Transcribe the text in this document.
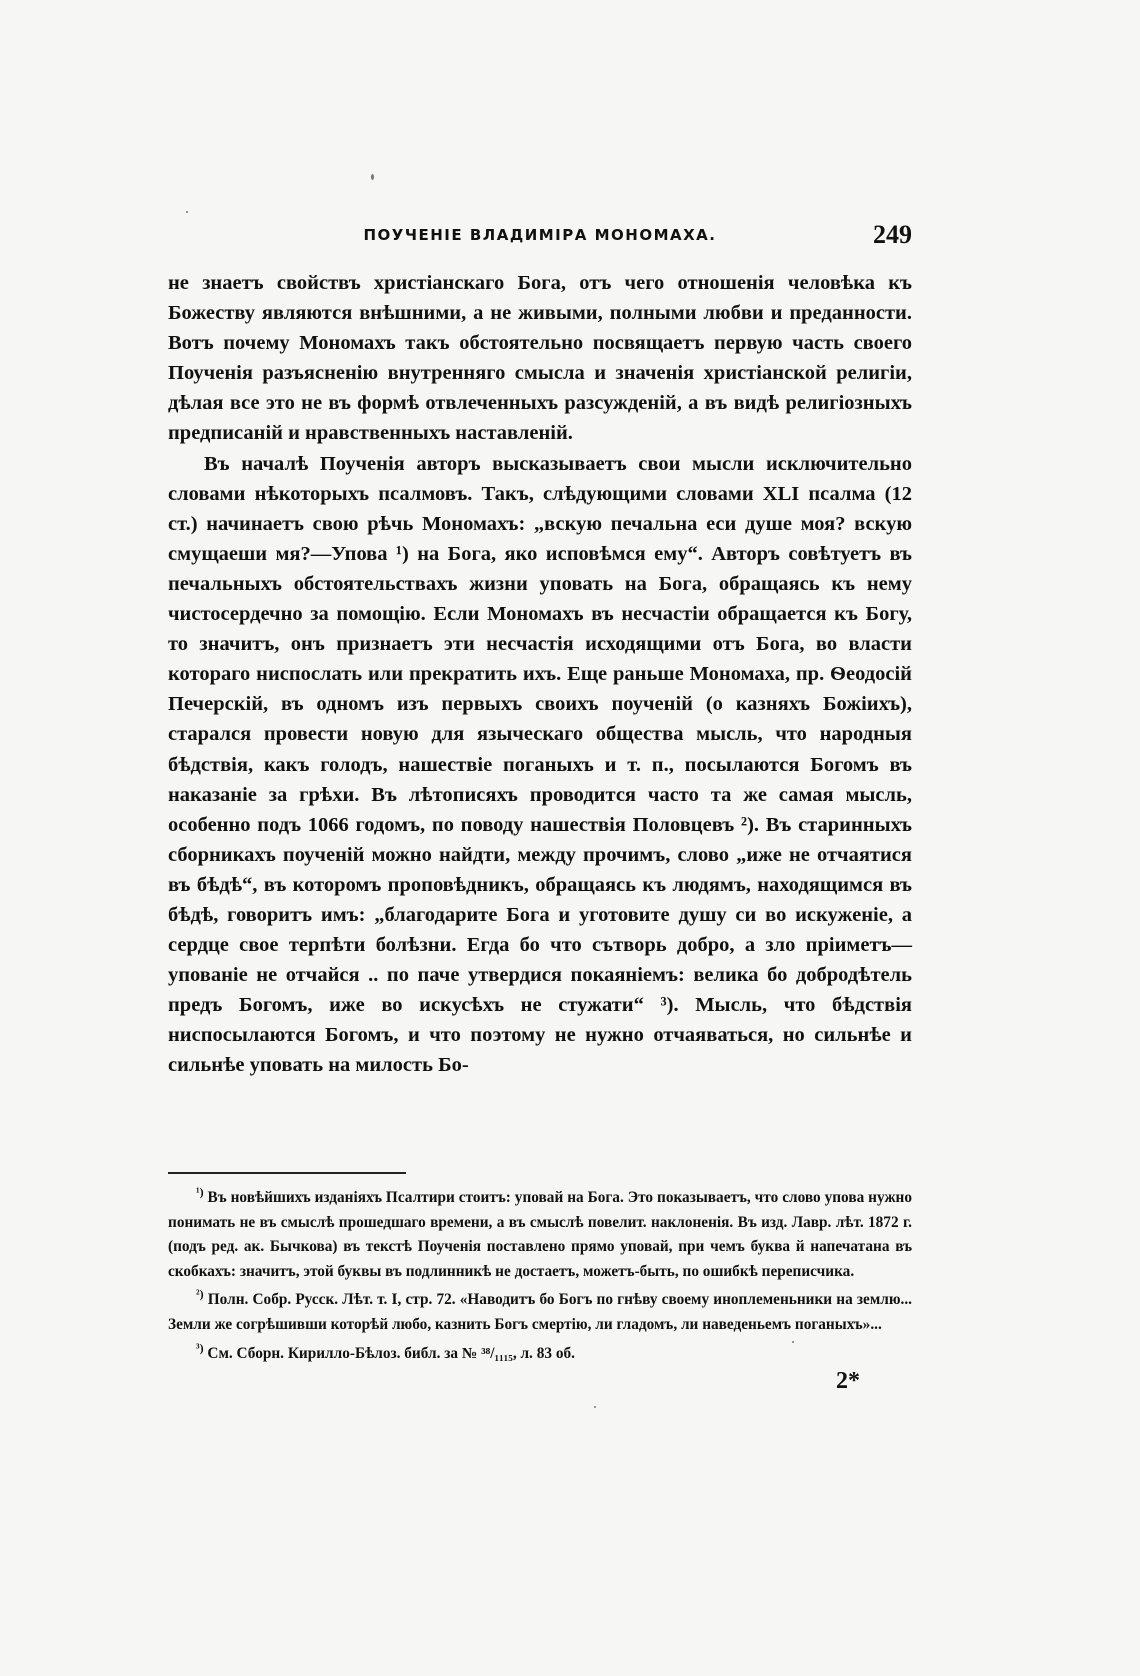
ПОУЧЕНІЕ ВЛАДИМІРА МОНОМАХА.	249

не знаетъ свойствъ христіанскаго Бога, отъ чего отношенія человѣка къ Божеству являются внѣшними, а не живыми, полными любви и преданности. Вотъ почему Мономахъ такъ обстоятельно посвящаетъ первую часть своего Поученія разъясненію внутренняго смысла и значенія христіанской религіи, дѣлая все это не въ формѣ отвлеченныхъ разсужденій, а въ видѣ религіозныхъ предписаній и нравственныхъ наставленій.

Въ началѣ Поученія авторъ высказываетъ свои мысли исключительно словами нѣкоторыхъ псалмовъ. Такъ, слѣдующими словами XLI псалма (12 ст.) начинаетъ свою рѣчь Мономахъ: „вскую печальна еси душе моя? вскую смущаеши мя?—Упова ¹) на Бога, яко исповѣмся ему“. Авторъ совѣтуетъ въ печальныхъ обстоятельствахъ жизни уповать на Бога, обращаясь къ нему чистосердечно за помощію. Если Мономахъ въ несчастіи обращается къ Богу, то значитъ, онъ признаетъ эти несчастія исходящими отъ Бога, во власти котораго ниспослать или прекратить ихъ. Еще раньше Мономаха, пр. Ѳеодосій Печерскій, въ одномъ изъ первыхъ своихъ поученій (о казняхъ Божіихъ), старался провести новую для языческаго общества мысль, что народныя бѣдствія, какъ голодъ, нашествіе поганыхъ и т. п., посылаются Богомъ въ наказаніе за грѣхи. Въ лѣтописяхъ проводится часто та же самая мысль, особенно подъ 1066 годомъ, по поводу нашествія Половцевъ ²). Въ старинныхъ сборникахъ поученій можно найдти, между прочимъ, слово „иже не отчаятися въ бѣдѣ“, въ которомъ проповѣдникъ, обращаясь къ людямъ, находящимся въ бѣдѣ, говоритъ имъ: „благодарите Бога и уготовите душу си во искуженіе, а сердце свое терпѣти болѣзни. Егда бо что сътворь добро, а зло пріиметъ—упованіе не отчайся .. по паче утвердися покаяніемъ: велика бо добродѣтель предъ Богомъ, иже во искусѣхъ не стужати“ ³). Мысль, что бѣдствія ниспосылаются Богомъ, и что поэтому не нужно отчаяваться, но сильнѣе и сильнѣе уповать на милость Бо-

$^{^1)}$ Въ новѣйшихъ изданіяхъ Псалтири стоитъ: уповай на Бога. Это показываетъ, что слово упова нужно понимать не въ смыслѣ прошедшаго времени, а въ смыслѣ повелит. наклоненія. Въ изд. Лавр. лѣт. 1872 г. (подъ ред. ак. Бычкова) въ текстѣ Поученія поставлено прямо уповай, при чемъ буква й напечатана въ скобкахъ: значитъ, этой буквы въ подлинникѣ не достаетъ, можетъ-быть, по ошибкѣ переписчика.

$^{^2)}$ Полн. Собр. Русск. Лѣт. т. I, стр. 72. «Наводитъ бо Богъ по гнѣву своему иноплеменьники на землю... Земли же согрѣшивши которѣй любо, казнить Богъ смертію, ли гладомъ, ли наведеньемъ поганыхъ»...

$^{^3)}$ См. Сборн. Кирилло-Бѣлоз. библ. за № ³⁸/₁₁₁₅, л. 83 об.

2*
